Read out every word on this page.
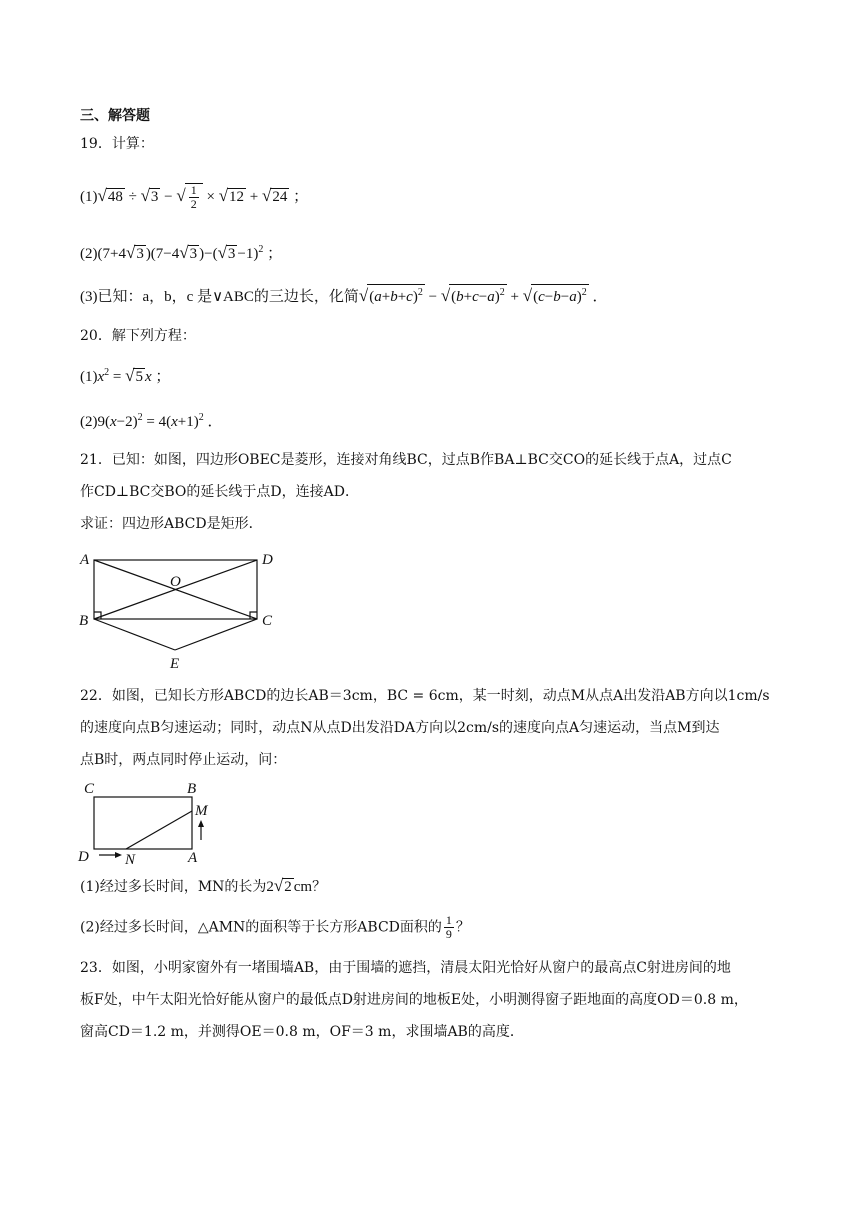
三、解答题
19．计算：
(1)√48 ÷ √3 − √ $\frac{1}{2} \times √12 + √24$ ；
(2)(7+4√3 )(7−4√3 )$-(√3 -1)^2$ ；
(3)已知：a，b，c 是∨ABC的三边长，化简$√(a+b+c)^2 - √(b+c-a)^2 + √(c-b-a)^2$ ．
20．解下列方程：
$(1)x^2 = √5$ x ；
$(2)9(x-2)^2 = 4(x+1)^2$ ．
21．已知：如图，四边形OBEC是菱形，连接对角线BC，过点B作BA⊥BC交CO的延长线于点A，过点C
作CD⊥BC交BO的延长线于点D，连接AD．
求证：四边形ABCD是矩形．
A	D
O
B	C
E
22．如图，已知长方形ABCD的边长AB＝3cm，BC = 6cm，某一时刻，动点M从点A出发沿AB方向以1cm/s
的速度向点B匀速运动；同时，动点N从点D出发沿DA方向以2cm/s的速度向点A匀速运动，当点M到达
点B时，两点同时停止运动，问：
C	B
M
D N	A
(1)经过多长时间，MN的长为2√2 cm？
(2)经过多长时间，△AMN的面积等于长方形ABCD面积的 $\frac{1}{9}$ ？
23．如图，小明家窗外有一堵围墙AB，由于围墙的遮挡，清晨太阳光恰好从窗户的最高点C射进房间的地
板F处，中午太阳光恰好能从窗户的最低点D射进房间的地板E处，小明测得窗子距地面的高度OD＝0.8 m，
窗高CD＝1.2 m，并测得OE＝0.8 m，OF＝3 m，求围墙AB的高度．
